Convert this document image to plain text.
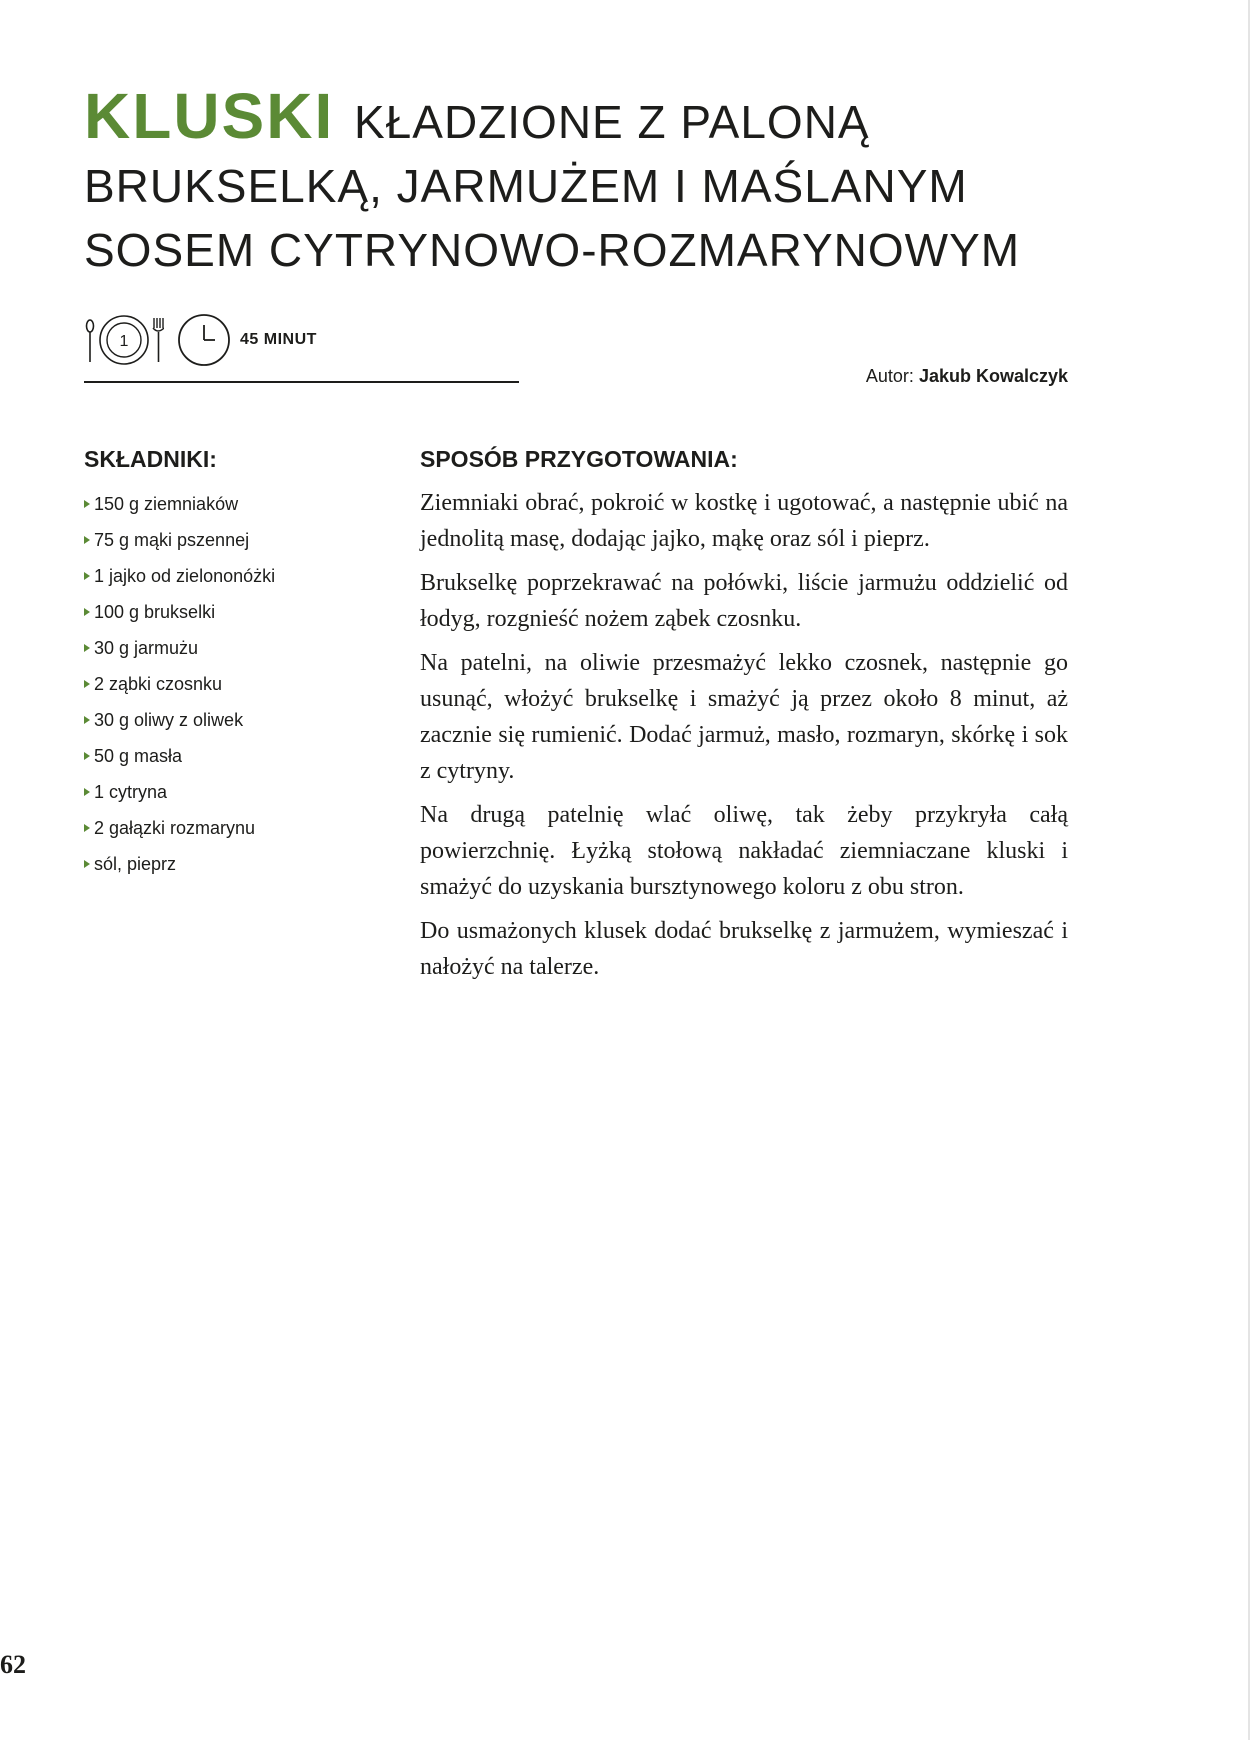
KLUSKI KŁADZIONE Z PALONĄ BRUKSELKĄ, JARMUŻEM I MAŚLANYM SOSEM CYTRYNOWO-ROZMARYNOWYM
1	45 MINUT
Autor: Jakub Kowalczyk
SKŁADNIKI:
150 g ziemniaków
75 g mąki pszennej
1 jajko od zielononóżki
100 g brukselki
30 g jarmużu
2 ząbki czosnku
30 g oliwy z oliwek
50 g masła
1 cytryna
2 gałązki rozmarynu
sól, pieprz
SPOSÓB PRZYGOTOWANIA:

Ziemniaki obrać, pokroić w kostkę i ugotować, a następnie ubić na jednolitą masę, dodając jajko, mąkę oraz sól i pieprz.

Brukselkę poprzekrawać na połówki, liście jarmużu oddzielić od łodyg, rozgnieść nożem ząbek czosnku.

Na patelni, na oliwie przesmażyć lekko czosnek, następnie go usunąć, włożyć brukselkę i smażyć ją przez około 8 minut, aż zacznie się rumienić. Dodać jarmuż, masło, rozmaryn, skórkę i sok z cytryny.

Na drugą patelnię wlać oliwę, tak żeby przykryła całą powierzchnię. Łyżką stołową nakładać ziemniaczane kluski i smażyć do uzyskania bursztynowego koloru z obu stron.

Do usmażonych klusek dodać brukselkę z jarmużem, wymieszać i nałożyć na talerze.

62
